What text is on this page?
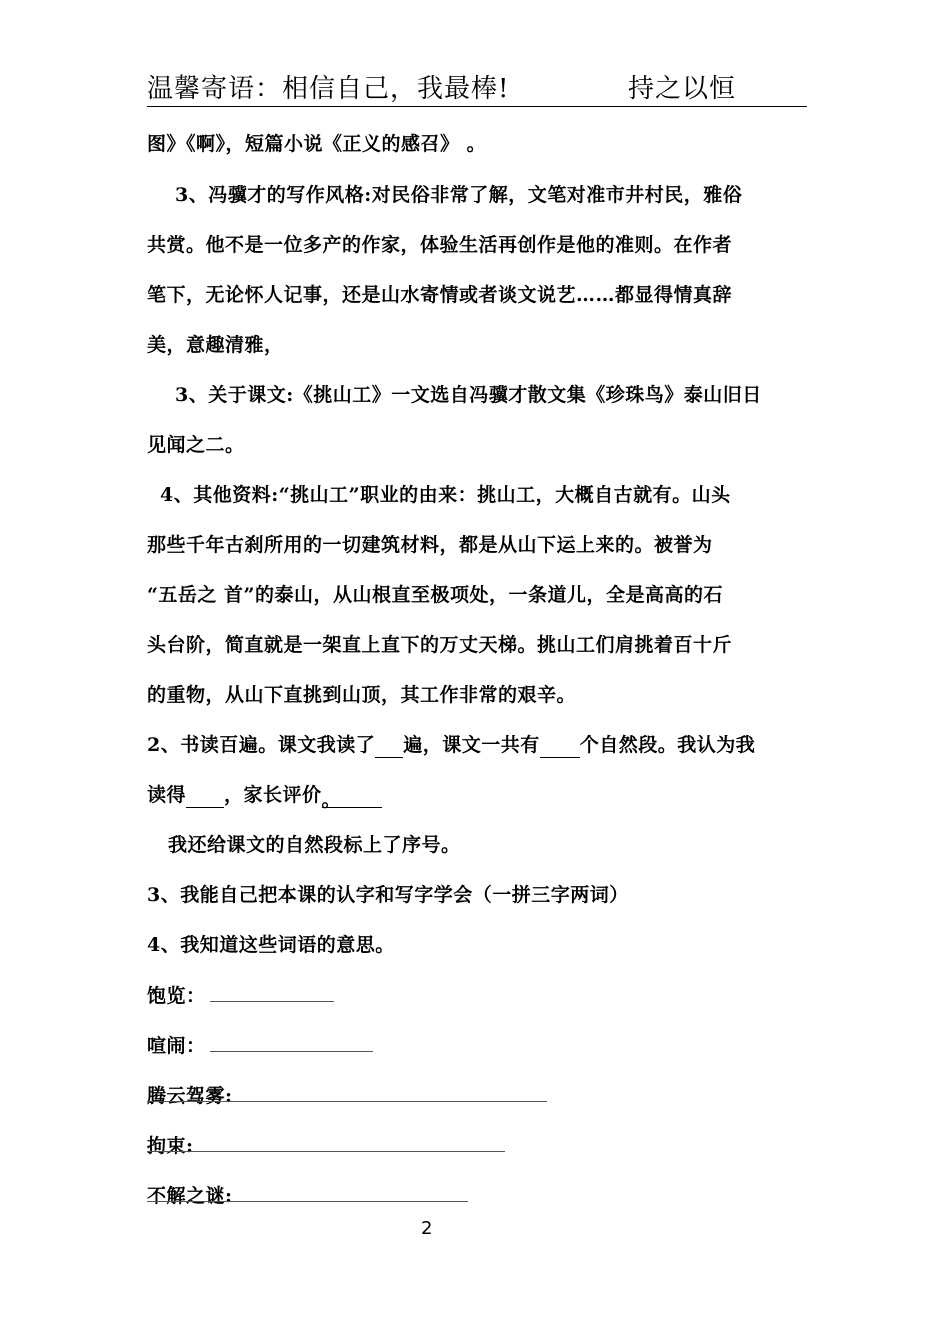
温馨寄语：相信自己，我最棒!	持之以恒
图》《啊》，短篇小说《正义的感召》 。
3、冯骥才的写作风格:对民俗非常了解，文笔对准市井村民，雅俗
共赏。他不是一位多产的作家，体验生活再创作是他的准则。在作者
笔下，无论怀人记事，还是山水寄情或者谈文说艺……都显得情真辞
美，意趣清雅，
3、关于课文:《挑山工》一文选自冯骥才散文集《珍珠鸟》泰山旧日
见闻之二。
4、其他资料:“挑山工”职业的由来：挑山工，大概自古就有。山头
那些千年古刹所用的一切建筑材料，都是从山下运上来的。被誉为
“五岳之 首”的泰山，从山根直至极项处，一条道儿，全是高高的石
头台阶，简直就是一架直上直下的万丈天梯。挑山工们肩挑着百十斤
的重物，从山下直挑到山顶，其工作非常的艰辛。
2、书读百遍。课文我读了 遍，课文一共有 个自然段。我认为我
读得 ，家长评价。
我还给课文的自然段标上了序号。
3、我能自己把本课的认字和写字学会（一拼三字两词）
4、我知道这些词语的意思。
饱览：
喧闹：
腾云驾雾:
拘束:
不解之谜:
2
